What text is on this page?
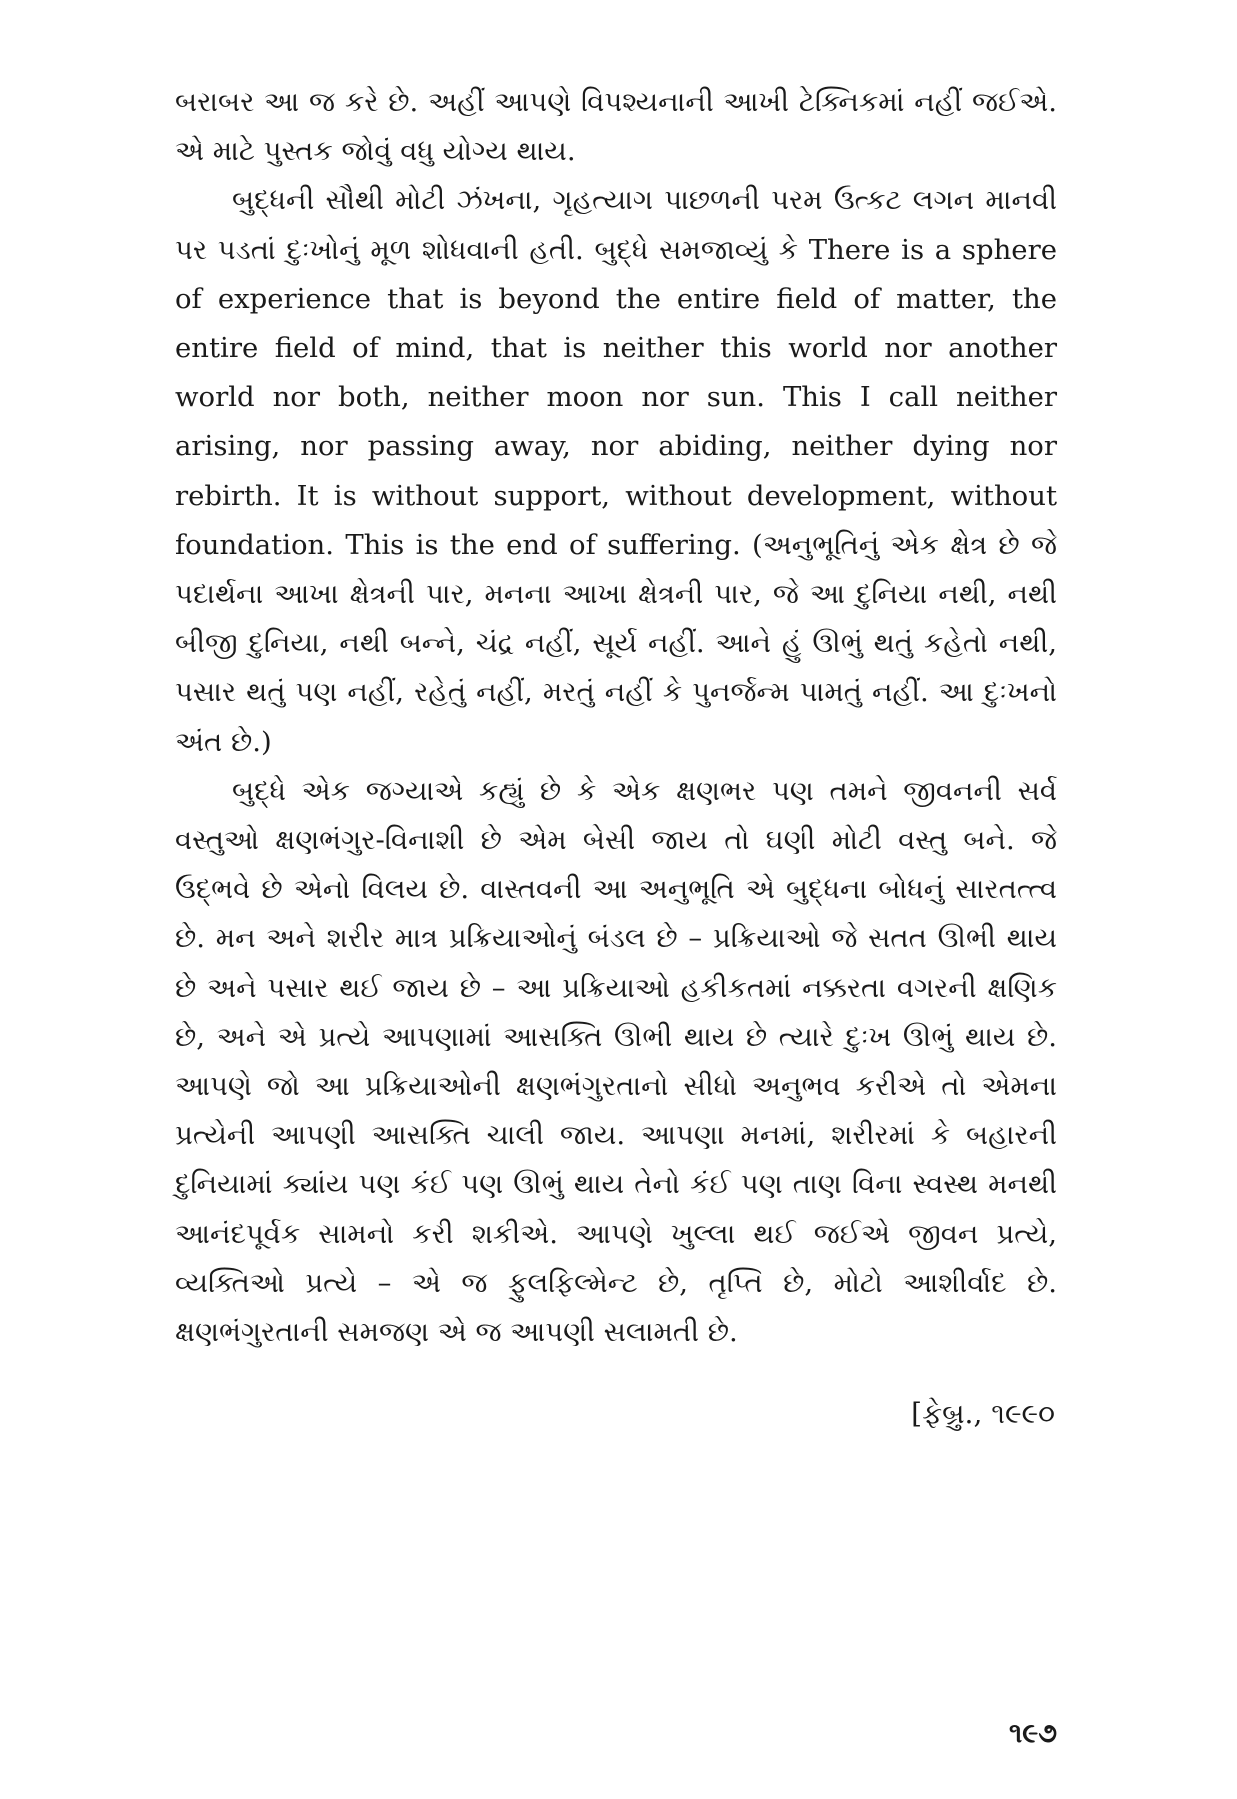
બરાબર આ જ કરે છે. અહીં આપણે વિપશ્યનાની આખી ટેક્નિકમાં નહીં જઈએ. એ માટે પુસ્તક જોવું વધુ યોગ્ય થાય.

બુદ્ધની સૌથી મોટી ઝંખના, ગૃહત્યાગ પાછળની પરમ ઉત્કટ લગન માનવી પર પડતાં દુઃખોનું મૂળ શોધવાની હતી. બુદ્ધે સમજાવ્યું કે There is a sphere of experience that is beyond the entire field of matter, the entire field of mind, that is neither this world nor another world nor both, neither moon nor sun. This I call neither arising, nor passing away, nor abiding, neither dying nor rebirth. It is without support, without development, without foundation. This is the end of suffering. (અનુભૂતિનું એક ક્ષેત્ર છે જે પદાર્થના આખા ક્ષેત્રની પાર, મનના આખા ક્ષેત્રની પાર, જે આ દુનિયા નથી, નથી બીજી દુનિયા, નથી બન્ને, ચંદ્ર નહીં, સૂર્ય નહીં. આને હું ઊભું થતું કહેતો નથી, પસાર થતું પણ નહીં, રહેતું નહીં, મરતું નહીં કે પુનર્જન્મ પામતું નહીં. આ દુઃખનો અંત છે.)

બુદ્ધે એક જગ્યાએ કહ્યું છે કે એક ક્ષણભર પણ તમને જીવનની સર્વ વસ્તુઓ ક્ષણભંગુર-વિનાશી છે એમ બેસી જાય તો ઘણી મોટી વસ્તુ બને. જે ઉદ્ભવે છે એનો વિલય છે. વાસ્તવની આ અનુભૂતિ એ બુદ્ધના બોધનું સારતત્ત્વ છે. મન અને શરીર માત્ર પ્રક્રિયાઓનું બંડલ છે – પ્રક્રિયાઓ જે સતત ઊભી થાય છે અને પસાર થઈ જાય છે – આ પ્રક્રિયાઓ હકીકતમાં નક્કરતા વગરની ક્ષણિક છે, અને એ પ્રત્યે આપણામાં આસક્તિ ઊભી થાય છે ત્યારે દુઃખ ઊભું થાય છે. આપણે જો આ પ્રક્રિયાઓની ક્ષણભંગુરતાનો સીધો અનુભવ કરીએ તો એમના પ્રત્યેની આપણી આસક્તિ ચાલી જાય. આપણા મનમાં, શરીરમાં કે બહારની દુનિયામાં ક્યાંય પણ કંઈ પણ ઊભું થાય તેનો કંઈ પણ તાણ વિના સ્વસ્થ મનથી આનંદપૂર્વક સામનો કરી શકીએ. આપણે ખુલ્લા થઈ જઈએ જીવન પ્રત્યે, વ્યક્તિઓ પ્રત્યે – એ જ ફુલફિલ્મેન્ટ છે, તૃપ્તિ છે, મોટો આશીર્વાદ છે. ક્ષણભંગુરતાની સમજણ એ જ આપણી સલામતી છે.

[ફેબ્રુ., ૧૯૯૦
૧૯૭
